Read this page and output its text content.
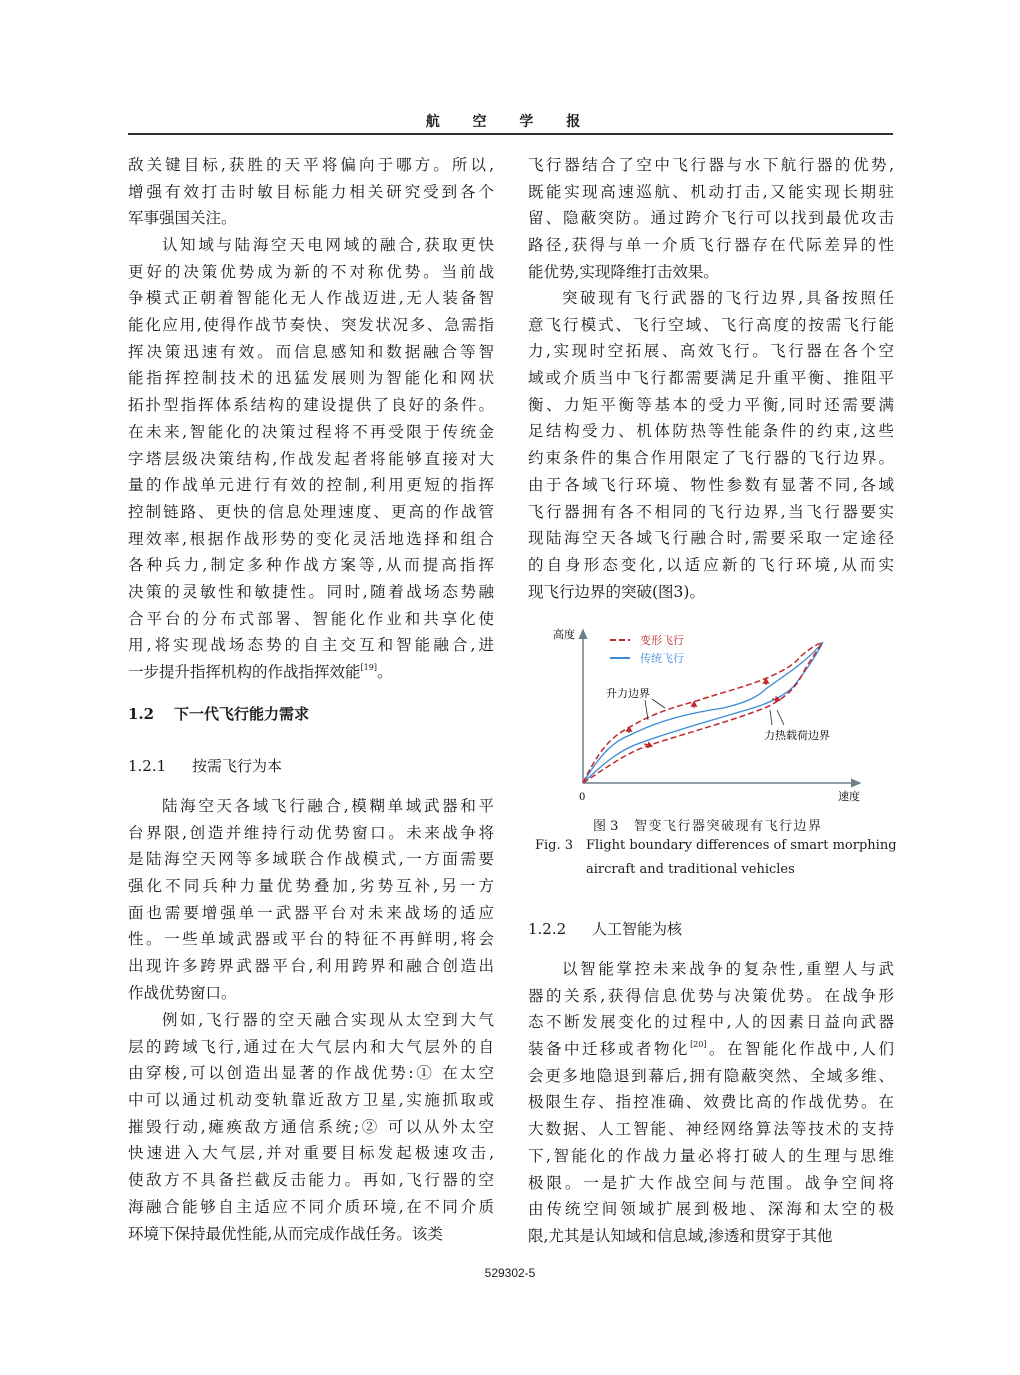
航 空 学 报
敌关键目标,获胜的天平将偏向于哪方。所以,
增强有效打击时敏目标能力相关研究受到各个
军事强国关注。
认知域与陆海空天电网域的融合,获取更快
更好的决策优势成为新的不对称优势。当前战
争模式正朝着智能化无人作战迈进,无人装备智
能化应用,使得作战节奏快、突发状况多、急需指
挥决策迅速有效。而信息感知和数据融合等智
能指挥控制技术的迅猛发展则为智能化和网状
拓扑型指挥体系结构的建设提供了良好的条件。
在未来,智能化的决策过程将不再受限于传统金
字塔层级决策结构,作战发起者将能够直接对大
量的作战单元进行有效的控制,利用更短的指挥
控制链路、更快的信息处理速度、更高的作战管
理效率,根据作战形势的变化灵活地选择和组合
各种兵力,制定多种作战方案等,从而提高指挥
决策的灵敏性和敏捷性。同时,随着战场态势融
合平台的分布式部署、智能化作业和共享化使
用,将实现战场态势的自主交互和智能融合,进
一步提升指挥机构的作战指挥效能[19]。
1.2 下一代飞行能力需求
1.2.1 按需飞行为本
陆海空天各域飞行融合,模糊单域武器和平
台界限,创造并维持行动优势窗口。未来战争将
是陆海空天网等多域联合作战模式,一方面需要
强化不同兵种力量优势叠加,劣势互补,另一方
面也需要增强单一武器平台对未来战场的适应
性。一些单域武器或平台的特征不再鲜明,将会
出现许多跨界武器平台,利用跨界和融合创造出
作战优势窗口。
例如,飞行器的空天融合实现从太空到大气
层的跨域飞行,通过在大气层内和大气层外的自
由穿梭,可以创造出显著的作战优势:① 在太空
中可以通过机动变轨靠近敌方卫星,实施抓取或
摧毁行动,瘫痪敌方通信系统;② 可以从外太空
快速进入大气层,并对重要目标发起极速攻击,
使敌方不具备拦截反击能力。再如,飞行器的空
海融合能够自主适应不同介质环境,在不同介质
环境下保持最优性能,从而完成作战任务。该类
飞行器结合了空中飞行器与水下航行器的优势,
既能实现高速巡航、机动打击,又能实现长期驻
留、隐蔽突防。通过跨介飞行可以找到最优攻击
路径,获得与单一介质飞行器存在代际差异的性
能优势,实现降维打击效果。
突破现有飞行武器的飞行边界,具备按照任
意飞行模式、飞行空域、飞行高度的按需飞行能
力,实现时空拓展、高效飞行。飞行器在各个空
域或介质当中飞行都需要满足升重平衡、推阻平
衡、力矩平衡等基本的受力平衡,同时还需要满
足结构受力、机体防热等性能条件的约束,这些
约束条件的集合作用限定了飞行器的飞行边界。
由于各域飞行环境、物性参数有显著不同,各域
飞行器拥有各不相同的飞行边界,当飞行器要实
现陆海空天各域飞行融合时,需要采取一定途径
的自身形态变化,以适应新的飞行环境,从而实
现飞行边界的突破(图3)。
高度
速度
0
变形飞行
传统飞行
升力边界
力热载荷边界
图 3 智变飞行器突破现有飞行边界
Fig. 3 Flight boundary differences of smart morphing
aircraft and traditional vehicles
1.2.2 人工智能为核
以智能掌控未来战争的复杂性,重塑人与武
器的关系,获得信息优势与决策优势。在战争形
态不断发展变化的过程中,人的因素日益向武器
装备中迁移或者物化[20]。在智能化作战中,人们
会更多地隐退到幕后,拥有隐蔽突然、全域多维、
极限生存、指控准确、效费比高的作战优势。在
大数据、人工智能、神经网络算法等技术的支持
下,智能化的作战力量必将打破人的生理与思维
极限。一是扩大作战空间与范围。战争空间将
由传统空间领域扩展到极地、深海和太空的极
限,尤其是认知域和信息域,渗透和贯穿于其他
529302-5
